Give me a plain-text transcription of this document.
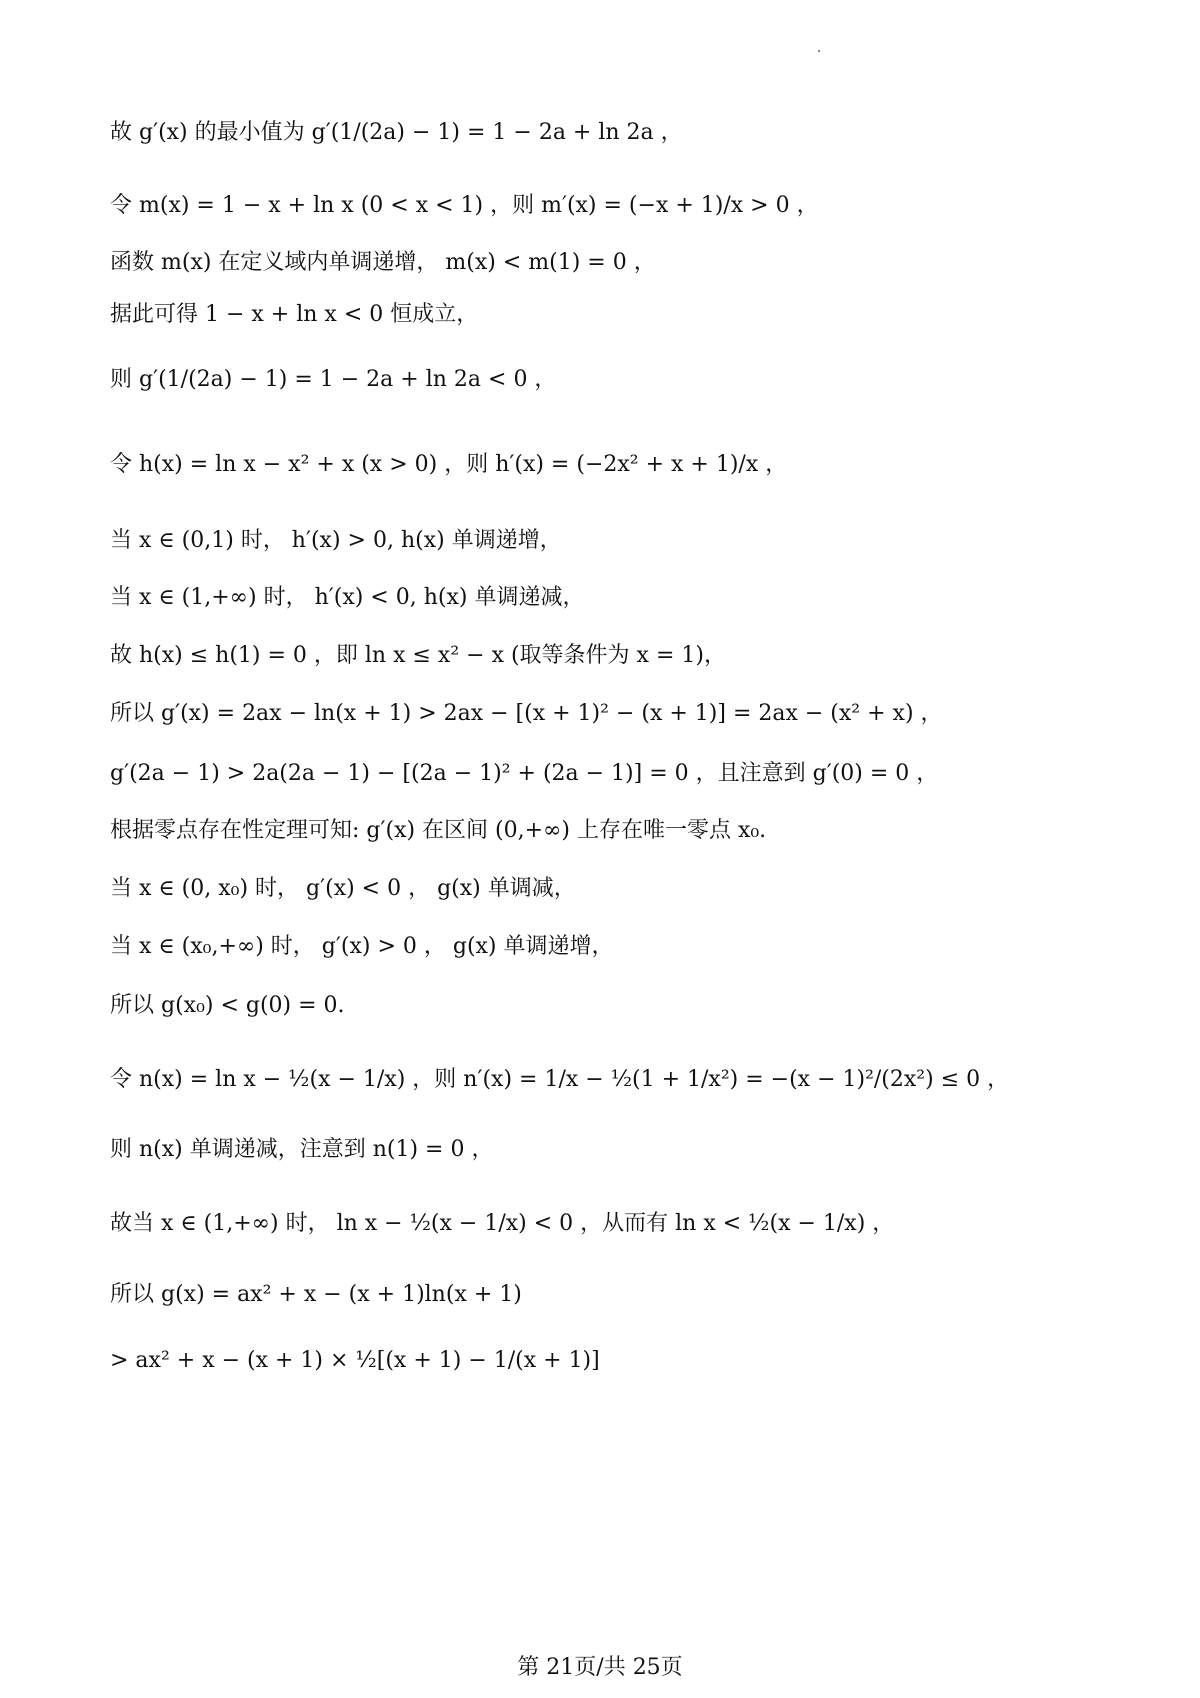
故 g′(x) 的最小值为 g′(1/(2a) − 1) = 1 − 2a + ln 2a ，
令 m(x) = 1 − x + ln x (0 < x < 1) ，则 m′(x) = (−x + 1)/x > 0 ，
函数 m(x) 在定义域内单调递增， m(x) < m(1) = 0 ，
据此可得 1 − x + ln x < 0 恒成立，
则 g′(1/(2a) − 1) = 1 − 2a + ln 2a < 0 ，
令 h(x) = ln x − x² + x (x > 0) ，则 h′(x) = (−2x² + x + 1)/x ，
当 x ∈ (0,1) 时， h′(x) > 0, h(x) 单调递增，
当 x ∈ (1,+∞) 时， h′(x) < 0, h(x) 单调递减，
故 h(x) ≤ h(1) = 0 ，即 ln x ≤ x² − x (取等条件为 x = 1)，
所以 g′(x) = 2ax − ln(x + 1) > 2ax − [(x + 1)² − (x + 1)] = 2ax − (x² + x) ，
g′(2a − 1) > 2a(2a − 1) − [(2a − 1)² + (2a − 1)] = 0 ，且注意到 g′(0) = 0 ，
根据零点存在性定理可知: g′(x) 在区间 (0,+∞) 上存在唯一零点 x₀.
当 x ∈ (0, x₀) 时， g′(x) < 0 ， g(x) 单调减，
当 x ∈ (x₀,+∞) 时， g′(x) > 0 ， g(x) 单调递增，
所以 g(x₀) < g(0) = 0.
令 n(x) = ln x − ½(x − 1/x) ，则 n′(x) = 1/x − ½(1 + 1/x²) = −(x − 1)²/(2x²) ≤ 0 ，
则 n(x) 单调递减，注意到 n(1) = 0 ，
故当 x ∈ (1,+∞) 时， ln x − ½(x − 1/x) < 0 ，从而有 ln x < ½(x − 1/x) ，
所以 g(x) = ax² + x − (x + 1)ln(x + 1)
> ax² + x − (x + 1) × ½[(x + 1) − 1/(x + 1)]
第 21页/共 25页
